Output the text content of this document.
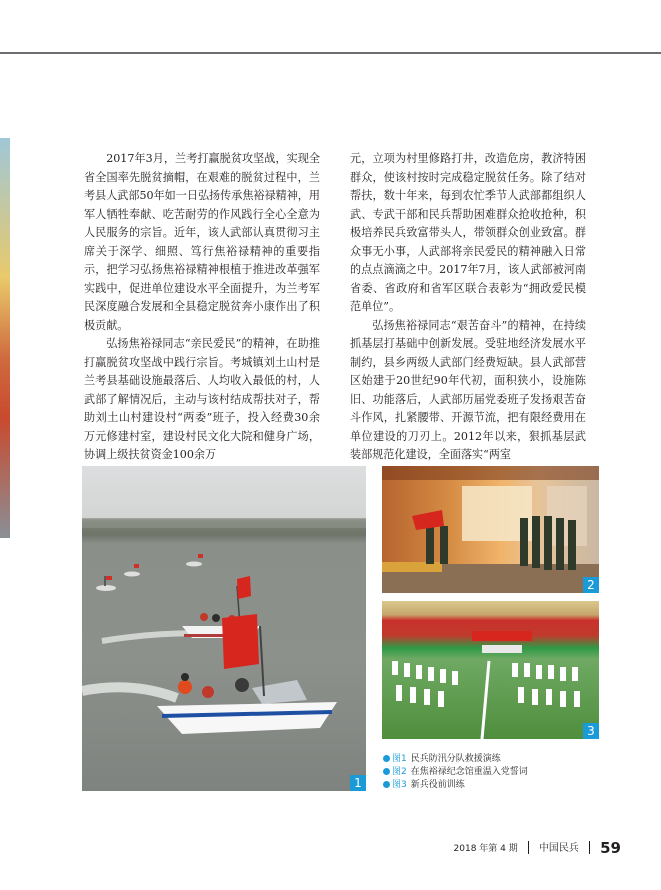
2017年3月，兰考打赢脱贫攻坚战，实现全省全国率先脱贫摘帽，在艰难的脱贫过程中，兰考县人武部50年如一日弘扬传承焦裕禄精神，用军人牺牲奉献、吃苦耐劳的作风践行全心全意为人民服务的宗旨。近年，该人武部认真贯彻习主席关于深学、细照、笃行焦裕禄精神的重要指示，把学习弘扬焦裕禄精神根植于推进改革强军实践中，促进单位建设水平全面提升，为兰考军民深度融合发展和全县稳定脱贫奔小康作出了积极贡献。

弘扬焦裕禄同志“亲民爱民”的精神，在助推打赢脱贫攻坚战中践行宗旨。考城镇刘土山村是兰考县基础设施最落后、人均收入最低的村，人武部了解情况后，主动与该村结成帮扶对子，帮助刘土山村建设村“两委”班子，投入经费30余万元修建村室，建设村民文化大院和健身广场，协调上级扶贫资金100余万

元，立项为村里修路打井，改造危房，教济特困群众，使该村按时完成稳定脱贫任务。除了结对帮扶，数十年来，每到农忙季节人武部都组织人武、专武干部和民兵帮助困难群众抢收抢种，积极培养民兵致富带头人，带领群众创业致富。群众事无小事，人武部将亲民爱民的精神融入日常的点点滴滴之中。2017年7月，该人武部被河南省委、省政府和省军区联合表彰为“拥政爱民模范单位”。

弘扬焦裕禄同志“艰苦奋斗”的精神，在持续抓基层打基础中创新发展。受驻地经济发展水平制约，县乡两级人武部门经费短缺。县人武部营区始建于20世纪90年代初，面积狭小，设施陈旧、功能落后，人武部历届党委班子发扬艰苦奋斗作风，扎紧腰带、开源节流，把有限经费用在单位建设的刀刃上。2012年以来，狠抓基层武装部规范化建设，全面落实“两室

1
2
3
图1 民兵防汛分队救援演练
图2 在焦裕禄纪念馆重温入党誓词
图3 新兵役前训练
2018 年第 4 期 中国民兵 59
